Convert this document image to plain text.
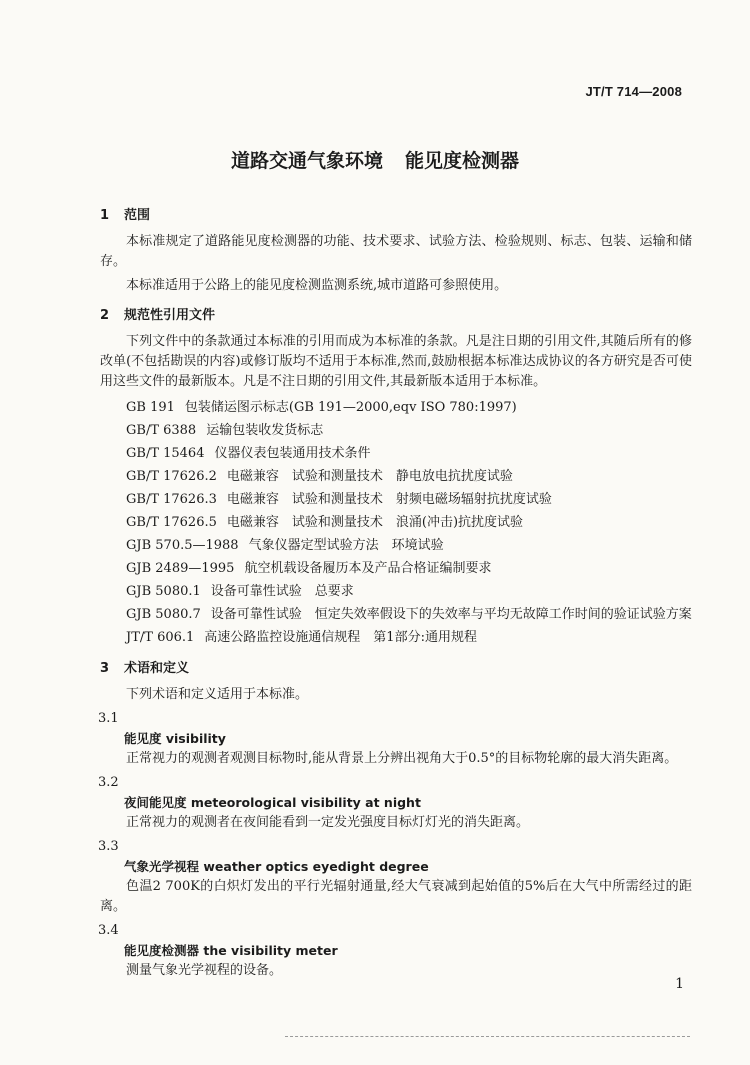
JT/T 714—2008
道路交通气象环境 能见度检测器
1 范围

本标准规定了道路能见度检测器的功能、技术要求、试验方法、检验规则、标志、包装、运输和储存。

本标准适用于公路上的能见度检测监测系统,城市道路可参照使用。

2 规范性引用文件

下列文件中的条款通过本标准的引用而成为本标准的条款。凡是注日期的引用文件,其随后所有的修改单(不包括勘误的内容)或修订版均不适用于本标准,然而,鼓励根据本标准达成协议的各方研究是否可使用这些文件的最新版本。凡是不注日期的引用文件,其最新版本适用于本标准。

GB 191 包装储运图示标志(GB 191—2000,eqv ISO 780:1997)
GB/T 6388 运输包装收发货标志
GB/T 15464 仪器仪表包装通用技术条件
GB/T 17626.2 电磁兼容　试验和测量技术　静电放电抗扰度试验
GB/T 17626.3 电磁兼容　试验和测量技术　射频电磁场辐射抗扰度试验
GB/T 17626.5 电磁兼容　试验和测量技术　浪涌(冲击)抗扰度试验
GJB 570.5—1988 气象仪器定型试验方法　环境试验
GJB 2489—1995 航空机载设备履历本及产品合格证编制要求
GJB 5080.1 设备可靠性试验　总要求
GJB 5080.7 设备可靠性试验　恒定失效率假设下的失效率与平均无故障工作时间的验证试验方案
JT/T 606.1 高速公路监控设施通信规程　第1部分:通用规程
3 术语和定义

下列术语和定义适用于本标准。

3.1

能见度 visibility

正常视力的观测者观测目标物时,能从背景上分辨出视角大于0.5°的目标物轮廓的最大消失距离。

3.2

夜间能见度 meteorological visibility at night

正常视力的观测者在夜间能看到一定发光强度目标灯灯光的消失距离。

3.3

气象光学视程 weather optics eyedight degree

色温2 700K的白炽灯发出的平行光辐射通量,经大气衰减到起始值的5%后在大气中所需经过的距离。

3.4

能见度检测器 the visibility meter

测量气象光学视程的设备。

1
